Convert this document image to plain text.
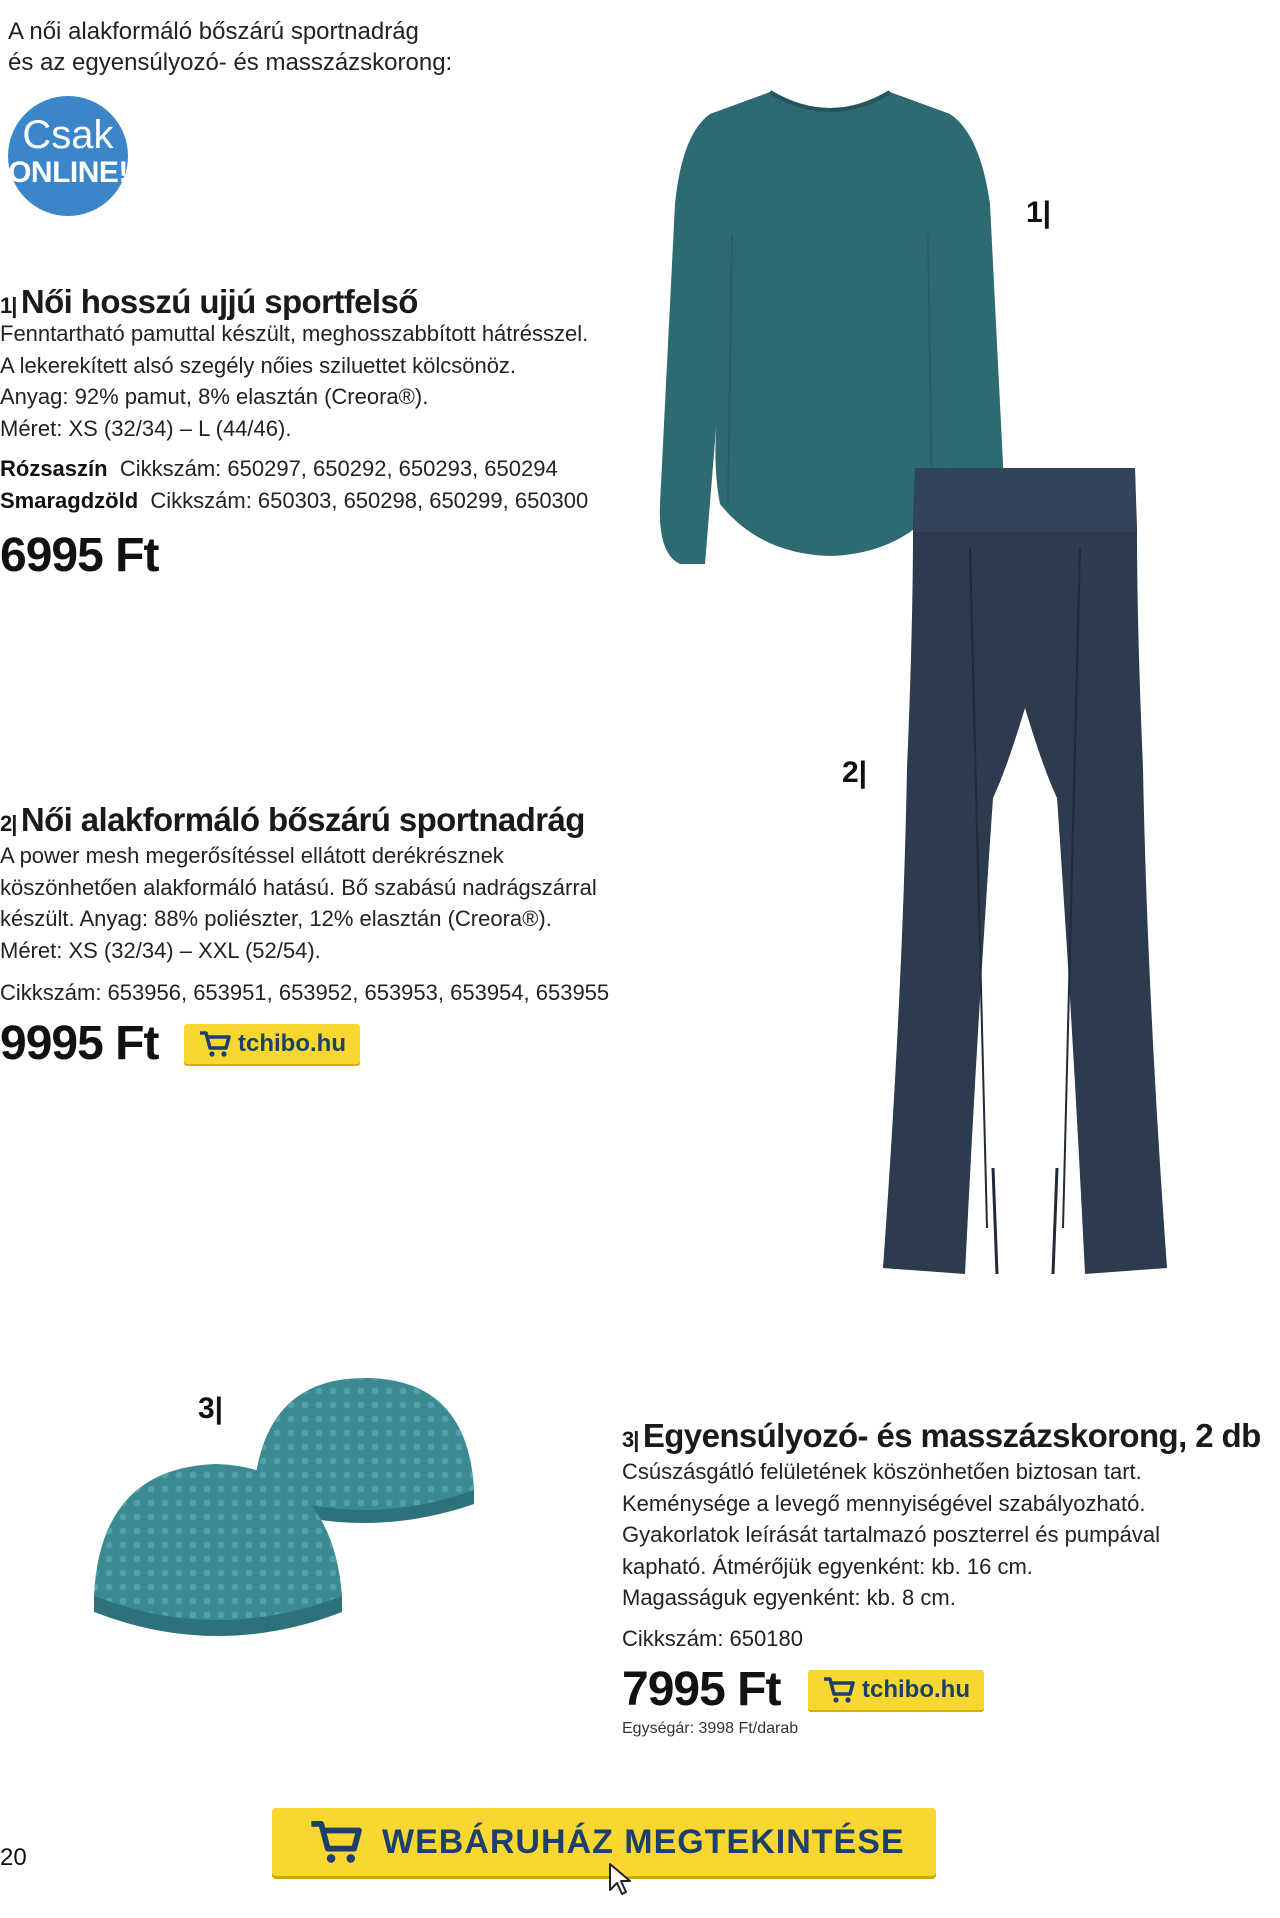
A női alakformáló bőszárú sportnadrág
és az egyensúlyozó- és masszázskorong:
Csak
ONLINE!
1| Női hosszú ujjú sportfelső
Fenntartható pamuttal készült, meghosszabbított hátrésszel.
A lekerekített alsó szegély nőies sziluettet kölcsönöz.
Anyag: 92% pamut, 8% elasztán (Creora®).
Méret: XS (32/34) – L (44/46).
Rózsaszín Cikkszám: 650297, 650292, 650293, 650294
Smaragdzöld Cikkszám: 650303, 650298, 650299, 650300
6995 Ft
1|
2|
2| Női alakformáló bőszárú sportnadrág
A power mesh megerősítéssel ellátott derékrésznek
köszönhetően alakformáló hatású. Bő szabású nadrágszárral
készült. Anyag: 88% poliészter, 12% elasztán (Creora®).
Méret: XS (32/34) – XXL (52/54).
Cikkszám: 653956, 653951, 653952, 653953, 653954, 653955
9995 Ft	tchibo.hu
3|
3| Egyensúlyozó- és masszázskorong, 2 db
Csúszásgátló felületének köszönhetően biztosan tart.
Keménysége a levegő mennyiségével szabályozható.
Gyakorlatok leírását tartalmazó poszterrel és pumpával
kapható. Átmérőjük egyenként: kb. 16 cm.
Magasságuk egyenként: kb. 8 cm.
Cikkszám: 650180
7995 Ft
Egységár: 3998 Ft/darab
tchibo.hu
20	WEBÁRUHÁZ MEGTEKINTÉSE
